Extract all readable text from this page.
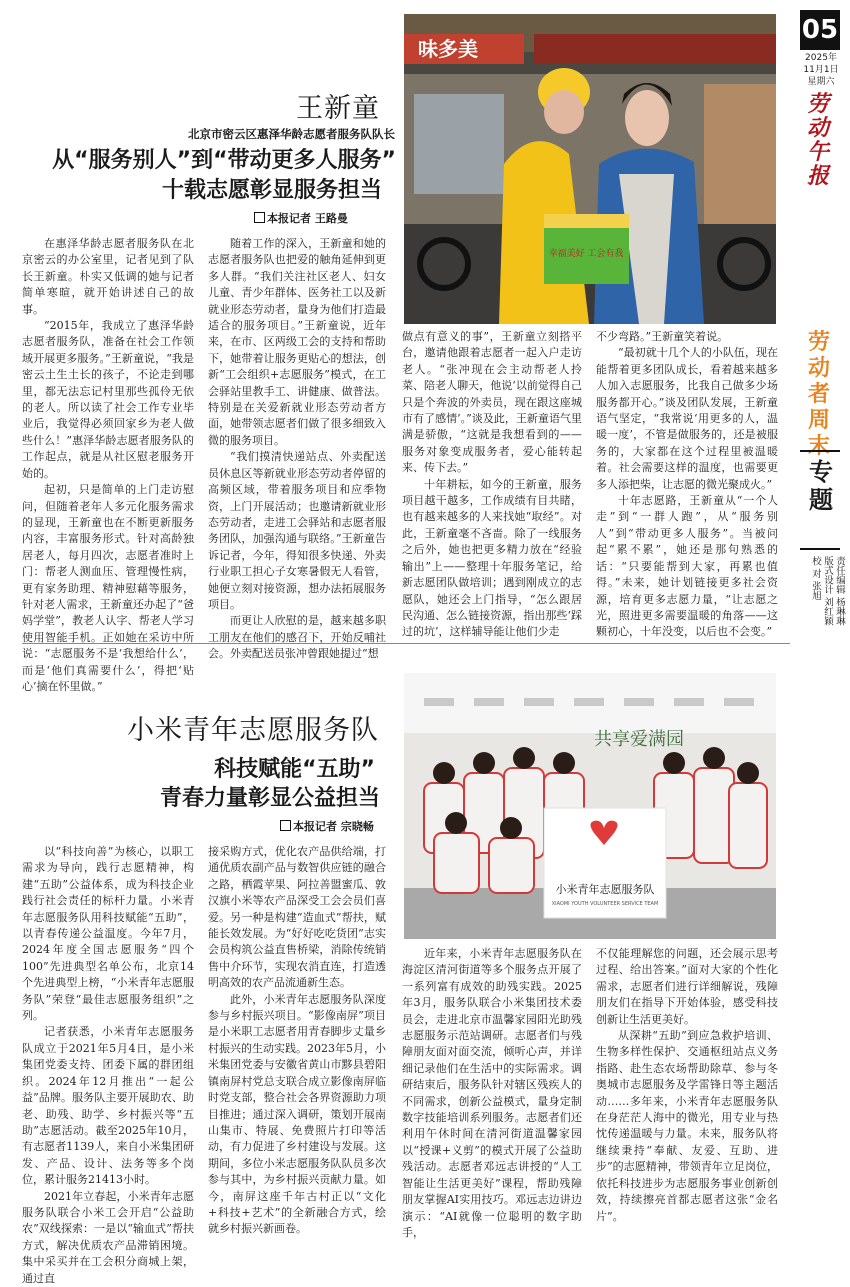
05
2025年
11月1日
星期六
劳动午报
劳动者周末
专题
责任编辑 杨琳琳
版式设计 刘红颖
校 对 张旭
王新童
北京市密云区惠泽华龄志愿者服务队队长
从“服务别人”到“带动更多人服务”
十载志愿彰显服务担当
本报记者 王路曼
味多美
幸福美好 工会有我

在惠泽华龄志愿者服务队在北京密云的办公室里，记者见到了队长王新童。朴实又低调的她与记者简单寒暄，就开始讲述自己的故事。

“2015年，我成立了惠泽华龄志愿者服务队，准备在社会工作领域开展更多服务。”王新童说，“我是密云土生土长的孩子，不论走到哪里，都无法忘记村里那些孤伶无依的老人。所以读了社会工作专业毕业后，我觉得必须回家乡为老人做些什么！”惠泽华龄志愿者服务队的工作起点，就是从社区慰老服务开始的。

起初，只是简单的上门走访慰问，但随着老年人多元化服务需求的显现，王新童也在不断更新服务内容，丰富服务形式。针对高龄独居老人，每月四次，志愿者准时上门：帮老人测血压、管理慢性病，更有家务助理、精神慰藉等服务，针对老人需求，王新童还办起了“爸妈学堂”，教老人认字、帮老人学习使用智能手机。正如她在采访中所说：“志愿服务不是‘我想给什么’，而是‘他们真需要什么’，得把‘贴心’摘在怀里做。”

随着工作的深入，王新童和她的志愿者服务队也把爱的触角延伸到更多人群。“我们关注社区老人、妇女儿童、青少年群体、医务社工以及新就业形态劳动者，量身为他们打造最适合的服务项目。”王新童说，近年来，在市、区两级工会的支持和帮助下，她带着让服务更贴心的想法，创新“工会组织+志愿服务”模式，在工会驿站里教手工、讲健康、做普法。特别是在关爱新就业形态劳动者方面，她带领志愿者们做了很多细致入微的服务项目。

“我们摸清快递站点、外卖配送员休息区等新就业形态劳动者停留的高频区域，带着服务项目和应季物资，上门开展活动；也邀请新就业形态劳动者，走进工会驿站和志愿者服务团队，加强沟通与联络。”王新童告诉记者，今年，得知很多快递、外卖行业职工担心子女寒暑假无人看管，她便立刻对接资源，想办法拓展服务项目。

而更让人欣慰的是，越来越多职工朋友在他们的感召下，开始反哺社会。外卖配送员张冲曾跟她提过“想

做点有意义的事”，王新童立刻搭平台，邀请他跟着志愿者一起入户走访老人。“张冲现在会主动帮老人拎菜、陪老人聊天，他说‘以前觉得自己只是个奔波的外卖员，现在跟这座城市有了感情’。”谈及此，王新童语气里满是骄傲，“这就是我想看到的——服务对象变成服务者，爱心能转起来、传下去。”

十年耕耘，如今的王新童，服务项目越干越多，工作成绩有目共睹，也有越来越多的人来找她“取经”。对此，王新童毫不吝啬。除了一线服务之后外，她也把更多精力放在“经验输出”上——整理十年服务笔记，给新志愿团队做培训；遇到刚成立的志愿队，她还会上门指导，“怎么跟居民沟通、怎么链接资源，指出那些‘踩过的坑’，这样辅导能让他们少走

不少弯路。”王新童笑着说。

“最初就十几个人的小队伍，现在能帮着更多团队成长，看着越来越多人加入志愿服务，比我自己做多少场服务都开心。”谈及团队发展，王新童语气坚定，“我常说‘用更多的人，温暖一度’，不管是做服务的，还是被服务的，大家都在这个过程里被温暖着。社会需要这样的温度，也需要更多人添把柴，让志愿的微光聚成火。”

十年志愿路，王新童从“一个人走”到“一群人跑”，从“服务别人”到“带动更多人服务”。当被问起“累不累”，她还是那句熟悉的话：“只要能帮到大家，再累也值得。”未来，她计划链接更多社会资源，培育更多志愿力量，“让志愿之光，照进更多需要温暖的角落——这颗初心，十年没变，以后也不会变。”

小米青年志愿服务队
科技赋能“五助”
青春力量彰显公益担当
本报记者 宗晓畅
共享爱满园
小米青年志愿服务队
XIAOMI YOUTH VOLUNTEER SERVICE TEAM

以“科技向善”为核心，以职工需求为导向，践行志愿精神，构建“五助”公益体系，成为科技企业践行社会责任的标杆力量。小米青年志愿服务队用科技赋能“五助”，以青春传递公益温度。今年7月，2024年度全国志愿服务“四个100”先进典型名单公布，北京14个先进典型上榜，“小米青年志愿服务队”荣登“最佳志愿服务组织”之列。

记者获悉，小米青年志愿服务队成立于2021年5月4日，是小米集团党委支持、团委下属的群团组织。2024年12月推出“一起公益”品牌。服务队主要开展助农、助老、助残、助学、乡村振兴等“五助”志愿活动。截至2025年10月，有志愿者1139人，来自小米集团研发、产品、设计、法务等多个岗位，累计服务21413小时。

2021年立春起，小米青年志愿服务队联合小米工会开启“公益助农”双线探索：一是以“输血式”帮扶方式，解决优质农产品滞销困境。集中采买并在工会积分商城上架，通过直

接采购方式，优化农产品供给端，打通优质农副产品与数智供应链的融合之路，栖霞苹果、阿拉善盟蜜瓜、敦汉旗小米等农产品深受工会会员们喜爱。另一种是构建“造血式”帮扶，赋能长效发展。为“好好吃吃货团”志实会员构筑公益直售桥梁，消除传统销售中介环节，实现农消直连，打造透明高效的农产品流通新生态。

此外，小米青年志愿服务队深度参与乡村振兴项目。“影像南屏”项目是小米职工志愿者用青春脚步丈量乡村振兴的生动实践。2023年5月，小米集团党委与安徽省黄山市黟县碧阳镇南屏村党总支联合成立影像南屏临时党支部，整合社会各界资源助力项目推进；通过深入调研，策划开展南山集市、特展、免费照片打印等活动，有力促进了乡村建设与发展。这期间，多位小米志愿服务队队员多次参与其中，为乡村振兴贡献力量。如今，南屏这座千年古村正以“文化+科技+艺术”的全新融合方式，绘就乡村振兴新画卷。

近年来，小米青年志愿服务队在海淀区清河街道等多个服务点开展了一系列富有成效的助残实践。2025年3月，服务队联合小米集团技术委员会，走进北京市温馨家园阳光助残志愿服务示范站调研。志愿者们与残障朋友面对面交流，倾听心声，并详细记录他们在生活中的实际需求。调研结束后，服务队针对辖区残疾人的不同需求，创新公益模式，量身定制数字技能培训系列服务。志愿者们还利用午休时间在清河街道温馨家园以“授课+义剪”的模式开展了公益助残活动。志愿者邓远志讲授的“人工智能让生活更美好”课程，帮助残障朋友掌握AI实用技巧。邓远志边讲边演示：“AI就像一位聪明的数字助手，

不仅能理解您的问题，还会展示思考过程、给出答案。”面对大家的个性化需求，志愿者们进行详细解说，残障朋友们在指导下开始体验，感受科技创新让生活更美好。

从深耕“五助”到应急救护培训、生物多样性保护、交通枢纽站点义务指路、赴生态农场帮助除草、参与冬奥城市志愿服务及学雷锋日等主题活动……多年来，小米青年志愿服务队在身茫茫人海中的微光，用专业与热忱传递温暖与力量。未来，服务队将继续秉持“奉献、友爱、互助、进步”的志愿精神，带领青年立足岗位，依托科技进步为志愿服务事业创新创效，持续擦亮首都志愿者这张“金名片”。
